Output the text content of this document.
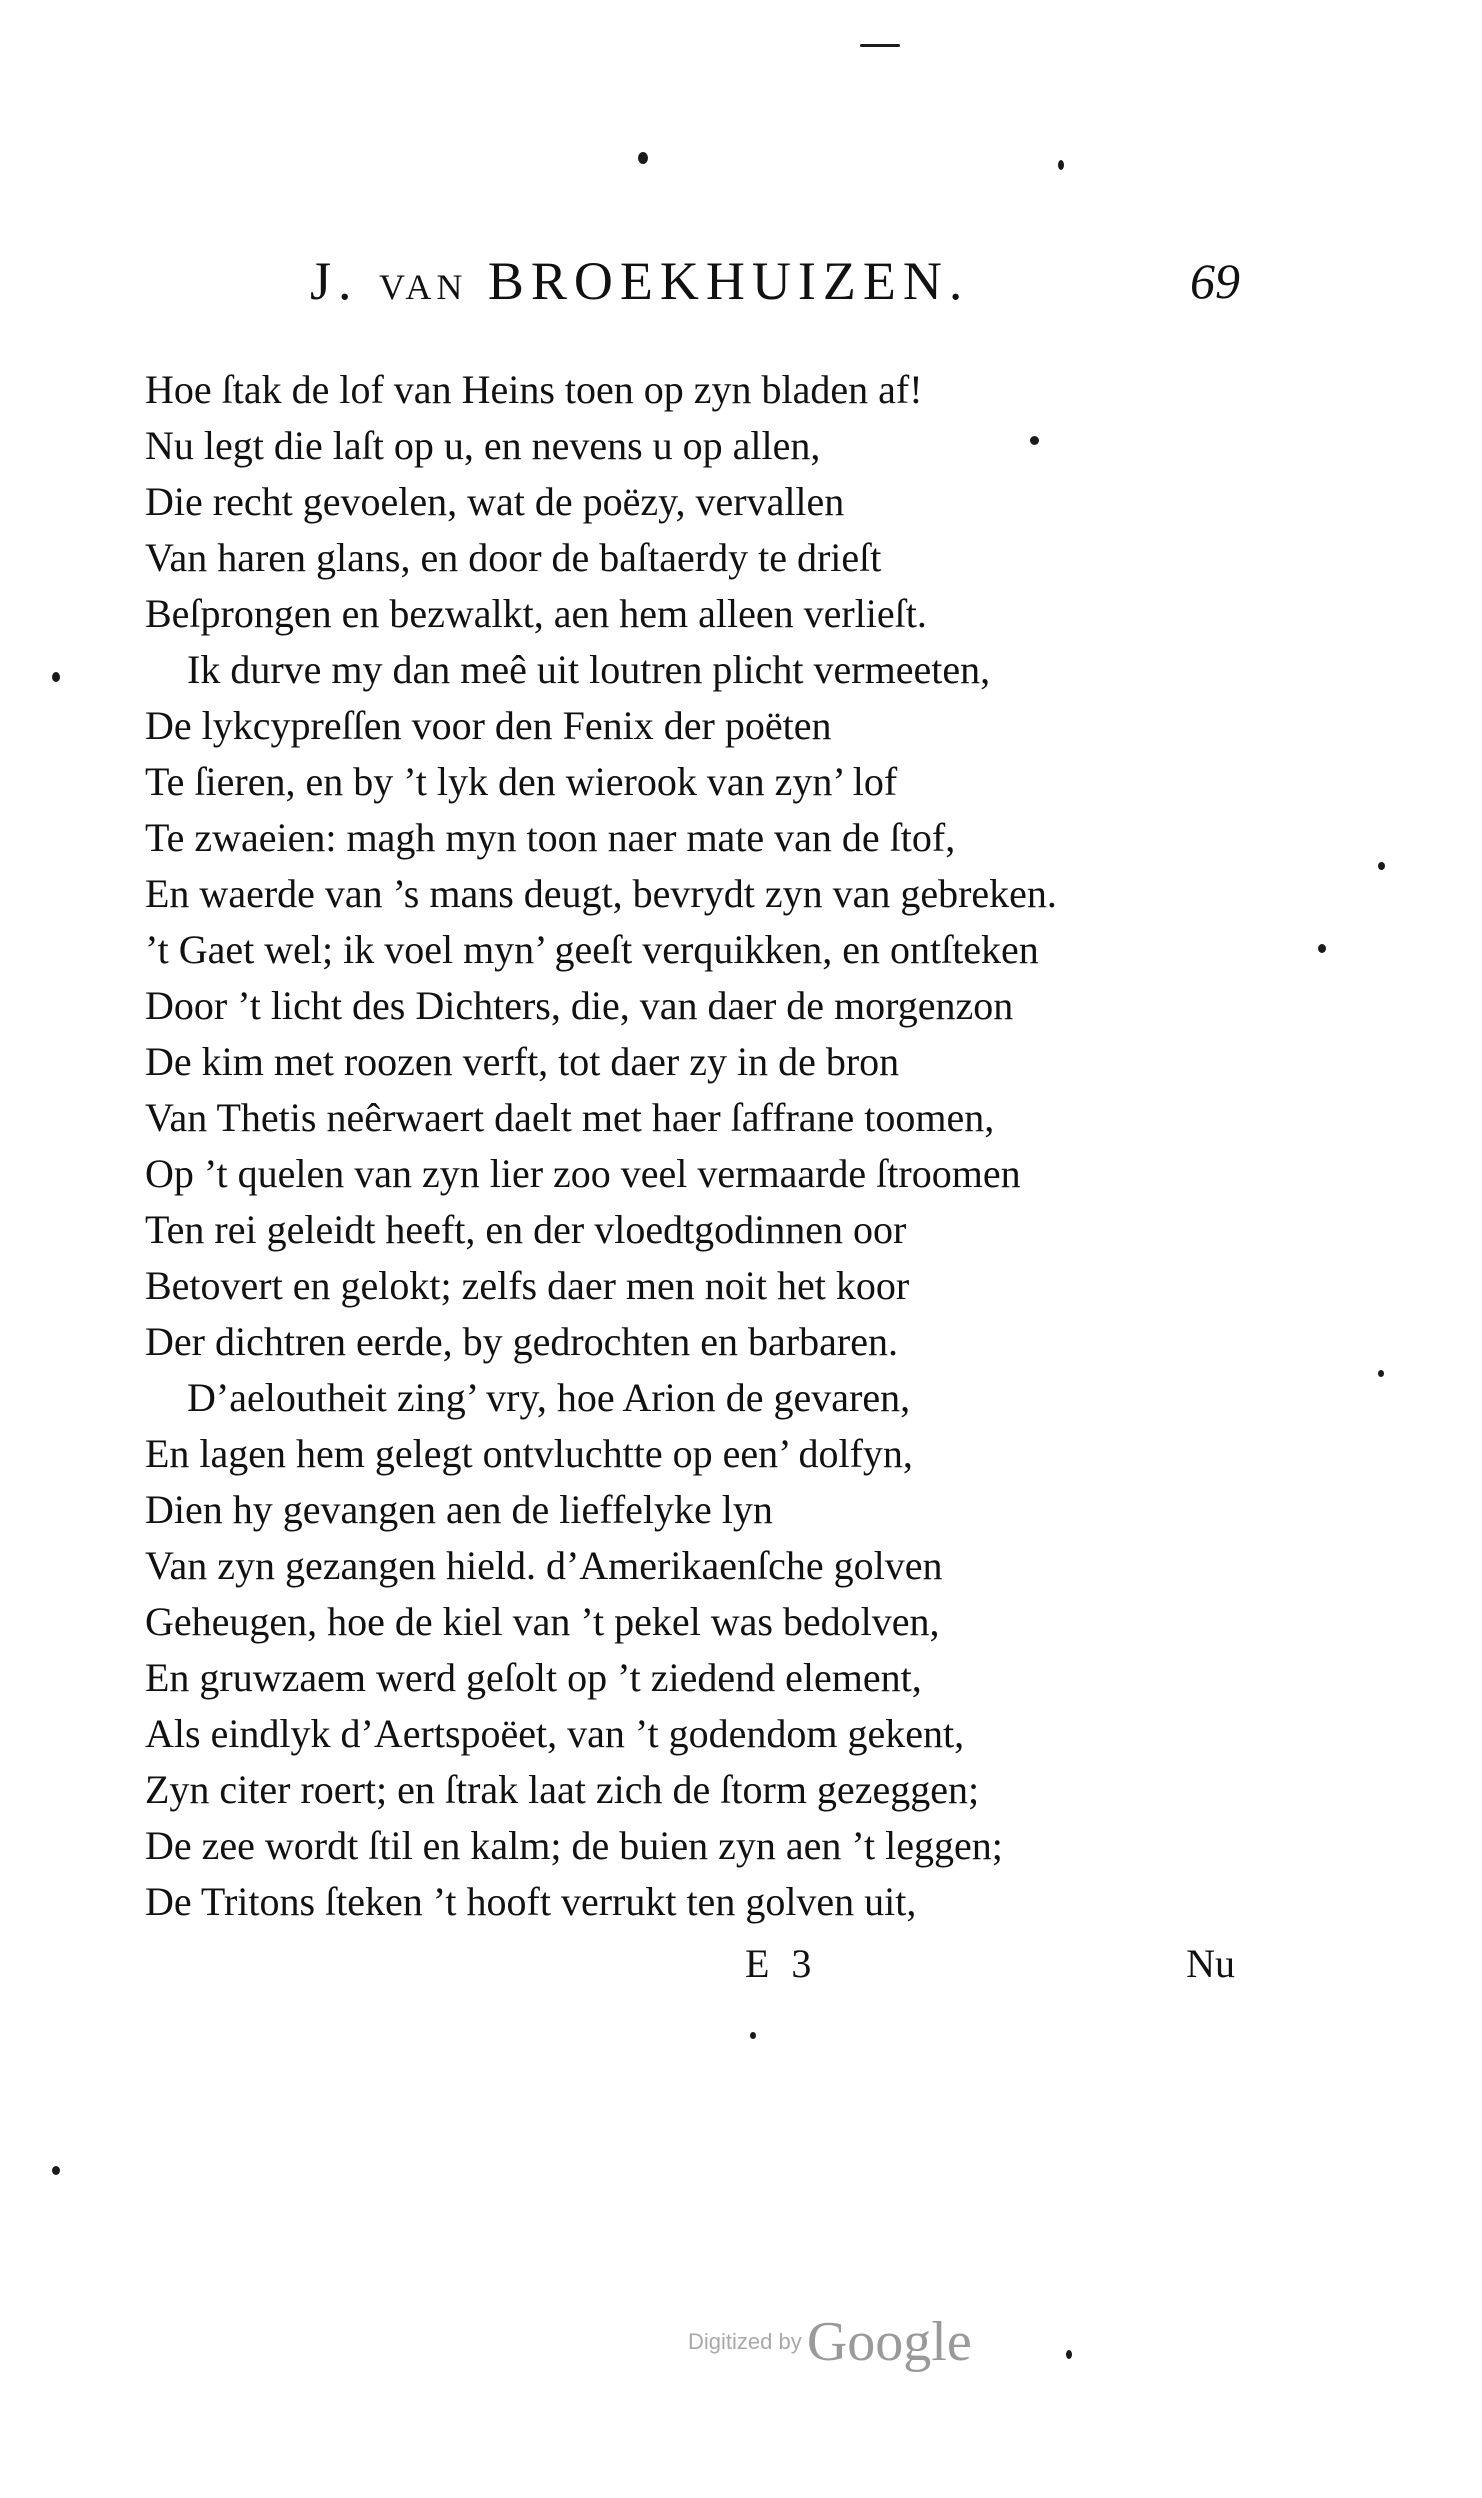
J. VAN BROEKHUIZEN.	69
Hoe ſtak de lof van Heins toen op zyn bladen af!
Nu legt die laſt op u, en nevens u op allen,
Die recht gevoelen, wat de poëzy, vervallen
Van haren glans, en door de baſtaerdy te drieſt
Beſprongen en bezwalkt, aen hem alleen verlieſt.
Ik durve my dan meê uit loutren plicht vermeeten,
De lykcypreſſen voor den Fenix der poëten
Te ſieren, en by ’t lyk den wierook van zyn’ lof
Te zwaeien: magh myn toon naer mate van de ſtof,
En waerde van ’s mans deugt, bevrydt zyn van gebreken.
’t Gaet wel; ik voel myn’ geeſt verquikken, en ontſteken
Door ’t licht des Dichters, die, van daer de morgenzon
De kim met roozen verft, tot daer zy in de bron
Van Thetis neêrwaert daelt met haer ſaffrane toomen,
Op ’t quelen van zyn lier zoo veel vermaarde ſtroomen
Ten rei geleidt heeft, en der vloedtgodinnen oor
Betovert en gelokt; zelfs daer men noit het koor
Der dichtren eerde, by gedrochten en barbaren.
D’aeloutheit zing’ vry, hoe Arion de gevaren,
En lagen hem gelegt ontvluchtte op een’ dolfyn,
Dien hy gevangen aen de lieffelyke lyn
Van zyn gezangen hield. d’Amerikaenſche golven
Geheugen, hoe de kiel van ’t pekel was bedolven,
En gruwzaem werd geſolt op ’t ziedend element,
Als eindlyk d’Aertspoëet, van ’t godendom gekent,
Zyn citer roert; en ſtrak laat zich de ſtorm gezeggen;
De zee wordt ſtil en kalm; de buien zyn aen ’t leggen;
De Tritons ſteken ’t hooft verrukt ten golven uit,
E 3	Nu
Digitized by Google
